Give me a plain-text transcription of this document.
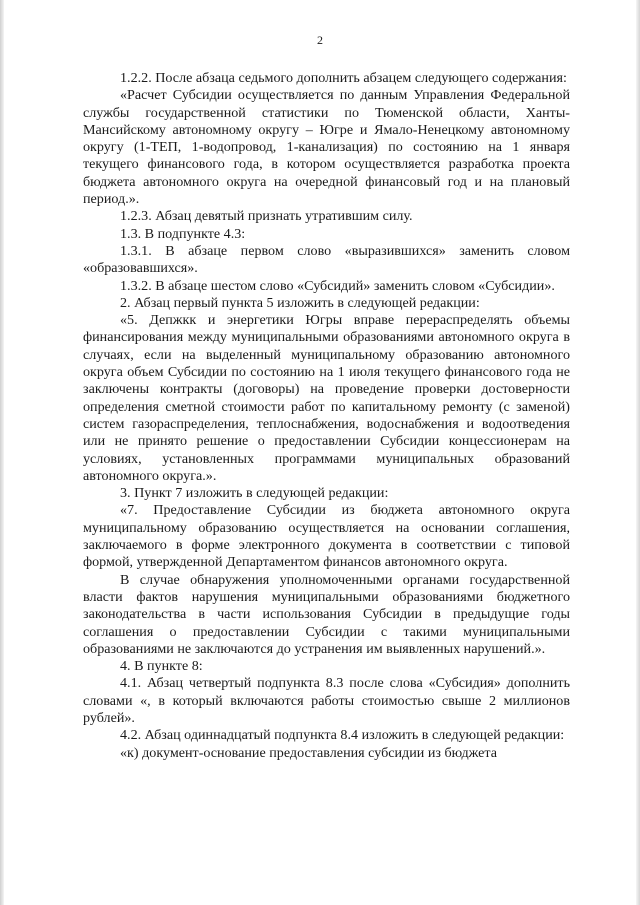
2

1.2.2. После абзаца седьмого дополнить абзацем следующего содержания:

«Расчет Субсидии осуществляется по данным Управления Федеральной службы государственной статистики по Тюменской области, Ханты-Мансийскому автономному округу – Югре и Ямало-Ненецкому автономному округу (1-ТЕП, 1-водопровод, 1-канализация) по состоянию на 1 января текущего финансового года, в котором осуществляется разработка проекта бюджета автономного округа на очередной финансовый год и на плановый период.».

1.2.3. Абзац девятый признать утратившим силу.

1.3. В подпункте 4.3:

1.3.1. В абзаце первом слово «выразившихся» заменить словом «образовавшихся».

1.3.2. В абзаце шестом слово «Субсидий» заменить словом «Субсидии».

2. Абзац первый пункта 5 изложить в следующей редакции:

«5. Депжкк и энергетики Югры вправе перераспределять объемы финансирования между муниципальными образованиями автономного округа в случаях, если на выделенный муниципальному образованию автономного округа объем Субсидии по состоянию на 1 июля текущего финансового года не заключены контракты (договоры) на проведение проверки достоверности определения сметной стоимости работ по капитальному ремонту (с заменой) систем газораспределения, теплоснабжения, водоснабжения и водоотведения или не принято решение о предоставлении Субсидии концессионерам на условиях, установленных программами муниципальных образований автономного округа.».

3. Пункт 7 изложить в следующей редакции:

«7. Предоставление Субсидии из бюджета автономного округа муниципальному образованию осуществляется на основании соглашения, заключаемого в форме электронного документа в соответствии с типовой формой, утвержденной Департаментом финансов автономного округа.

В случае обнаружения уполномоченными органами государственной власти фактов нарушения муниципальными образованиями бюджетного законодательства в части использования Субсидии в предыдущие годы соглашения о предоставлении Субсидии с такими муниципальными образованиями не заключаются до устранения им выявленных нарушений.».

4. В пункте 8:

4.1. Абзац четвертый подпункта 8.3 после слова «Субсидия» дополнить словами «, в который включаются работы стоимостью свыше 2 миллионов рублей».

4.2. Абзац одиннадцатый подпункта 8.4 изложить в следующей редакции:

«к) документ-основание предоставления субсидии из бюджета
